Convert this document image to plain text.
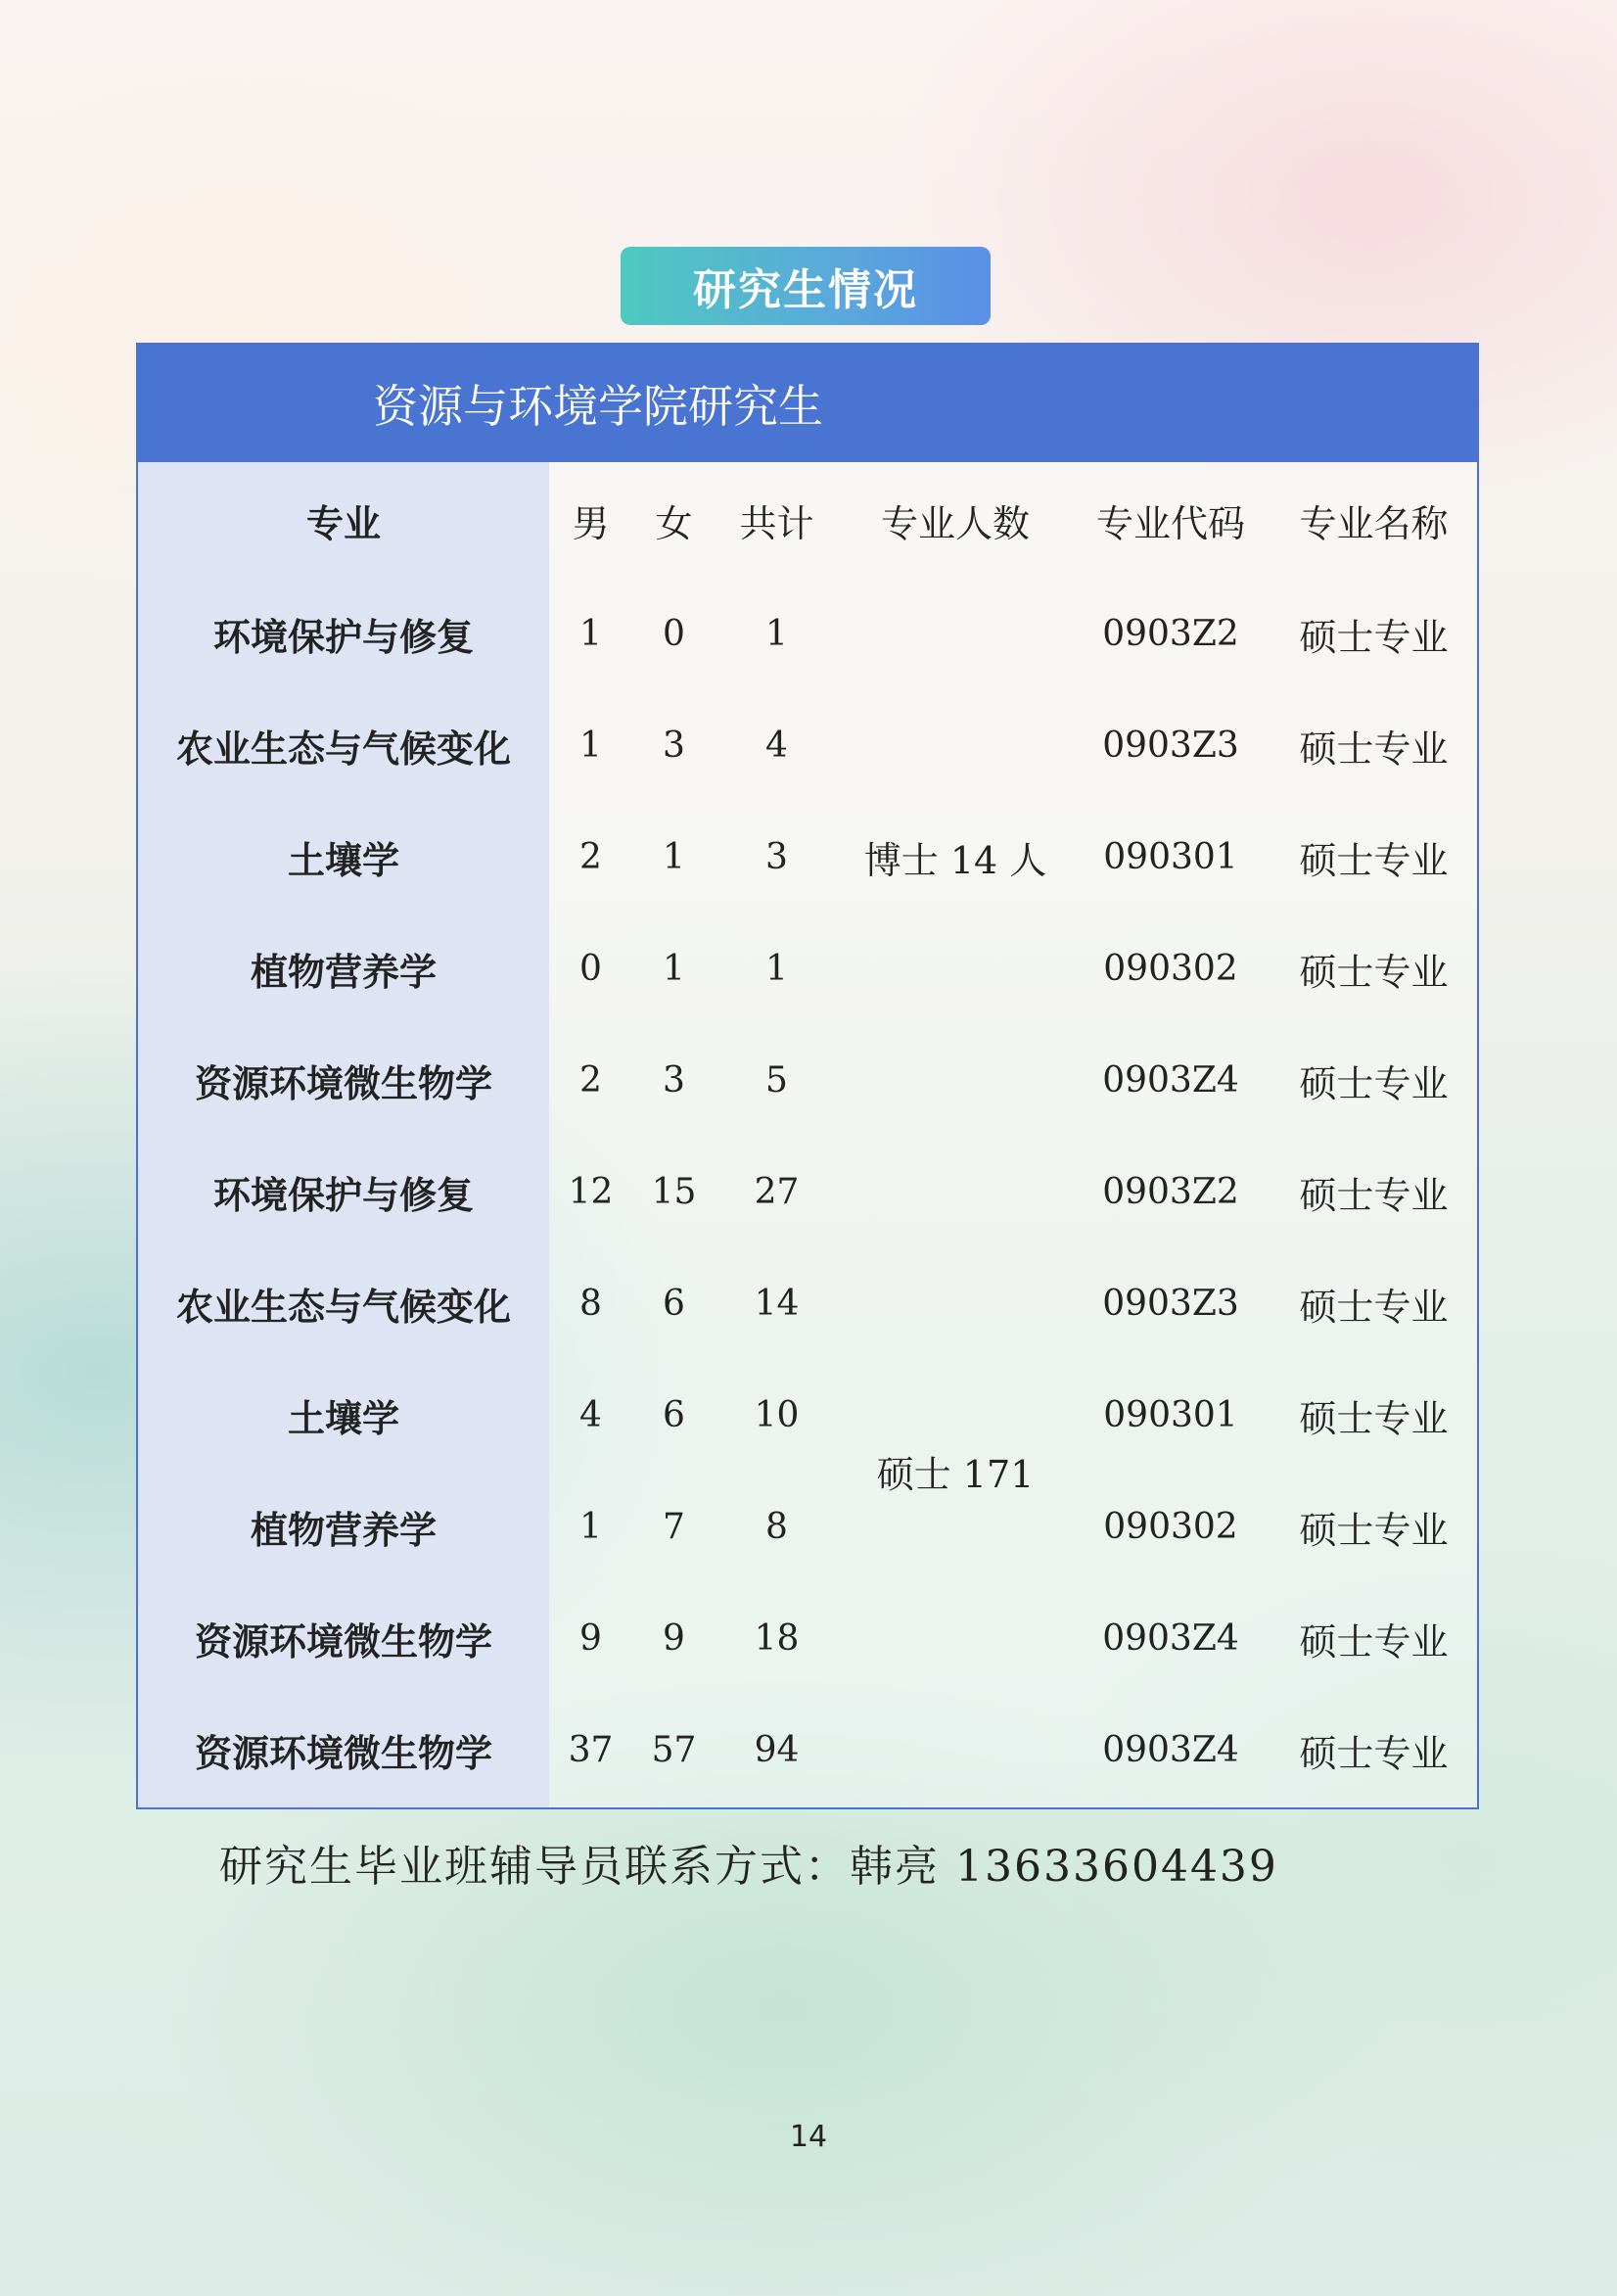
研究生情况
资源与环境学院研究生
专业	男	女	共计	专业人数	专业代码	专业名称
环境保护与修复	1	0	1	博士 14 人	0903Z2	硕士专业
农业生态与气候变化	1	3	4		0903Z3	硕士专业
土壤学	2	1	3		090301	硕士专业
植物营养学	0	1	1		090302	硕士专业
资源环境微生物学	2	3	5		0903Z4	硕士专业
环境保护与修复	12	15	27	硕士 171	0903Z2	硕士专业
农业生态与气候变化	8	6	14		0903Z3	硕士专业
土壤学	4	6	10		090301	硕士专业
植物营养学	1	7	8		090302	硕士专业
资源环境微生物学	9	9	18		0903Z4	硕士专业
资源环境微生物学	37	57	94		0903Z4	硕士专业
研究生毕业班辅导员联系方式：韩亮 13633604439
14
